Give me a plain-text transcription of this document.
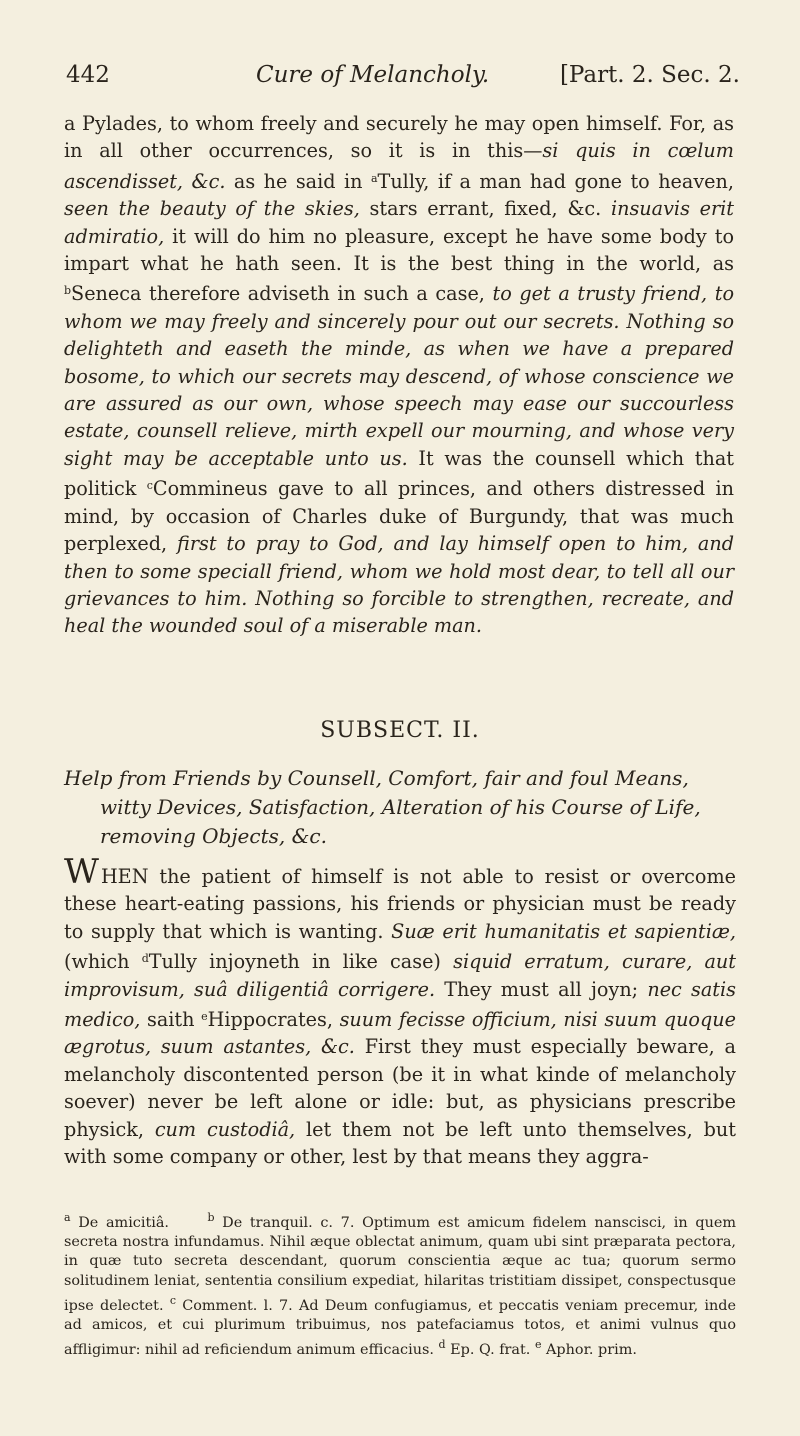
442	Cure of Melancholy.	[Part. 2. Sec. 2.

a Pylades, to whom freely and securely he may open himself. For, as in all other occurrences, so it is in this—si quis in cœlum ascendisset, &c. as he said in $^a$Tully, if a man had gone to heaven, seen the beauty of the skies, stars errant, fixed, &c. insuavis erit admiratio, it will do him no pleasure, except he have some body to impart what he hath seen. It is the best thing in the world, as $^b$Seneca therefore adviseth in such a case, to get a trusty friend, to whom we may freely and sincerely pour out our secrets. Nothing so delighteth and easeth the minde, as when we have a prepared bosome, to which our secrets may descend, of whose conscience we are assured as our own, whose speech may ease our succourless estate, counsell relieve, mirth expell our mourning, and whose very sight may be acceptable unto us. It was the counsell which that politick $^c$Commineus gave to all princes, and others distressed in mind, by occasion of Charles duke of Burgundy, that was much perplexed, first to pray to God, and lay himself open to him, and then to some speciall friend, whom we hold most dear, to tell all our grievances to him. Nothing so forcible to strengthen, recreate, and heal the wounded soul of a miserable man.

SUBSECT. II.

Help from Friends by Counsell, Comfort, fair and foul Means,

witty Devices, Satisfaction, Alteration of his Course of Life, removing Objects, &c.

WHEN the patient of himself is not able to resist or overcome these heart-eating passions, his friends or physician must be ready to supply that which is wanting. Suæ erit humanitatis et sapientiæ, (which $^d$Tully injoyneth in like case) siquid erratum, curare, aut improvisum, suâ diligentiâ corrigere. They must all joyn; nec satis medico, saith $^e$Hippocrates, suum fecisse officium, nisi suum quoque ægrotus, suum astantes, &c. First they must especially beware, a melancholy discontented person (be it in what kinde of melancholy soever) never be left alone or idle: but, as physicians prescribe physick, cum custodiâ, let them not be left unto themselves, but with some company or other, lest by that means they aggra-

$^a$ De amicitiâ.	$^b$ De tranquil. c. 7. Optimum est amicum fidelem nanscisci, in quem secreta nostra infundamus. Nihil æque oblectat animum, quam ubi sint præparata pectora, in quæ tuto secreta descendant, quorum conscientia æque ac tua; quorum sermo solitudinem leniat, sententia consilium expediat, hilaritas tristitiam dissipet, conspectusque ipse delectet. $^c$ Comment. l. 7. Ad Deum confugiamus, et peccatis veniam precemur, inde ad amicos, et cui plurimum tribuimus, nos patefaciamus totos, et animi vulnus quo affligimur: nihil ad reficiendum animum efficacius. $^d$ Ep. Q. frat. $^e$ Aphor. prim.
